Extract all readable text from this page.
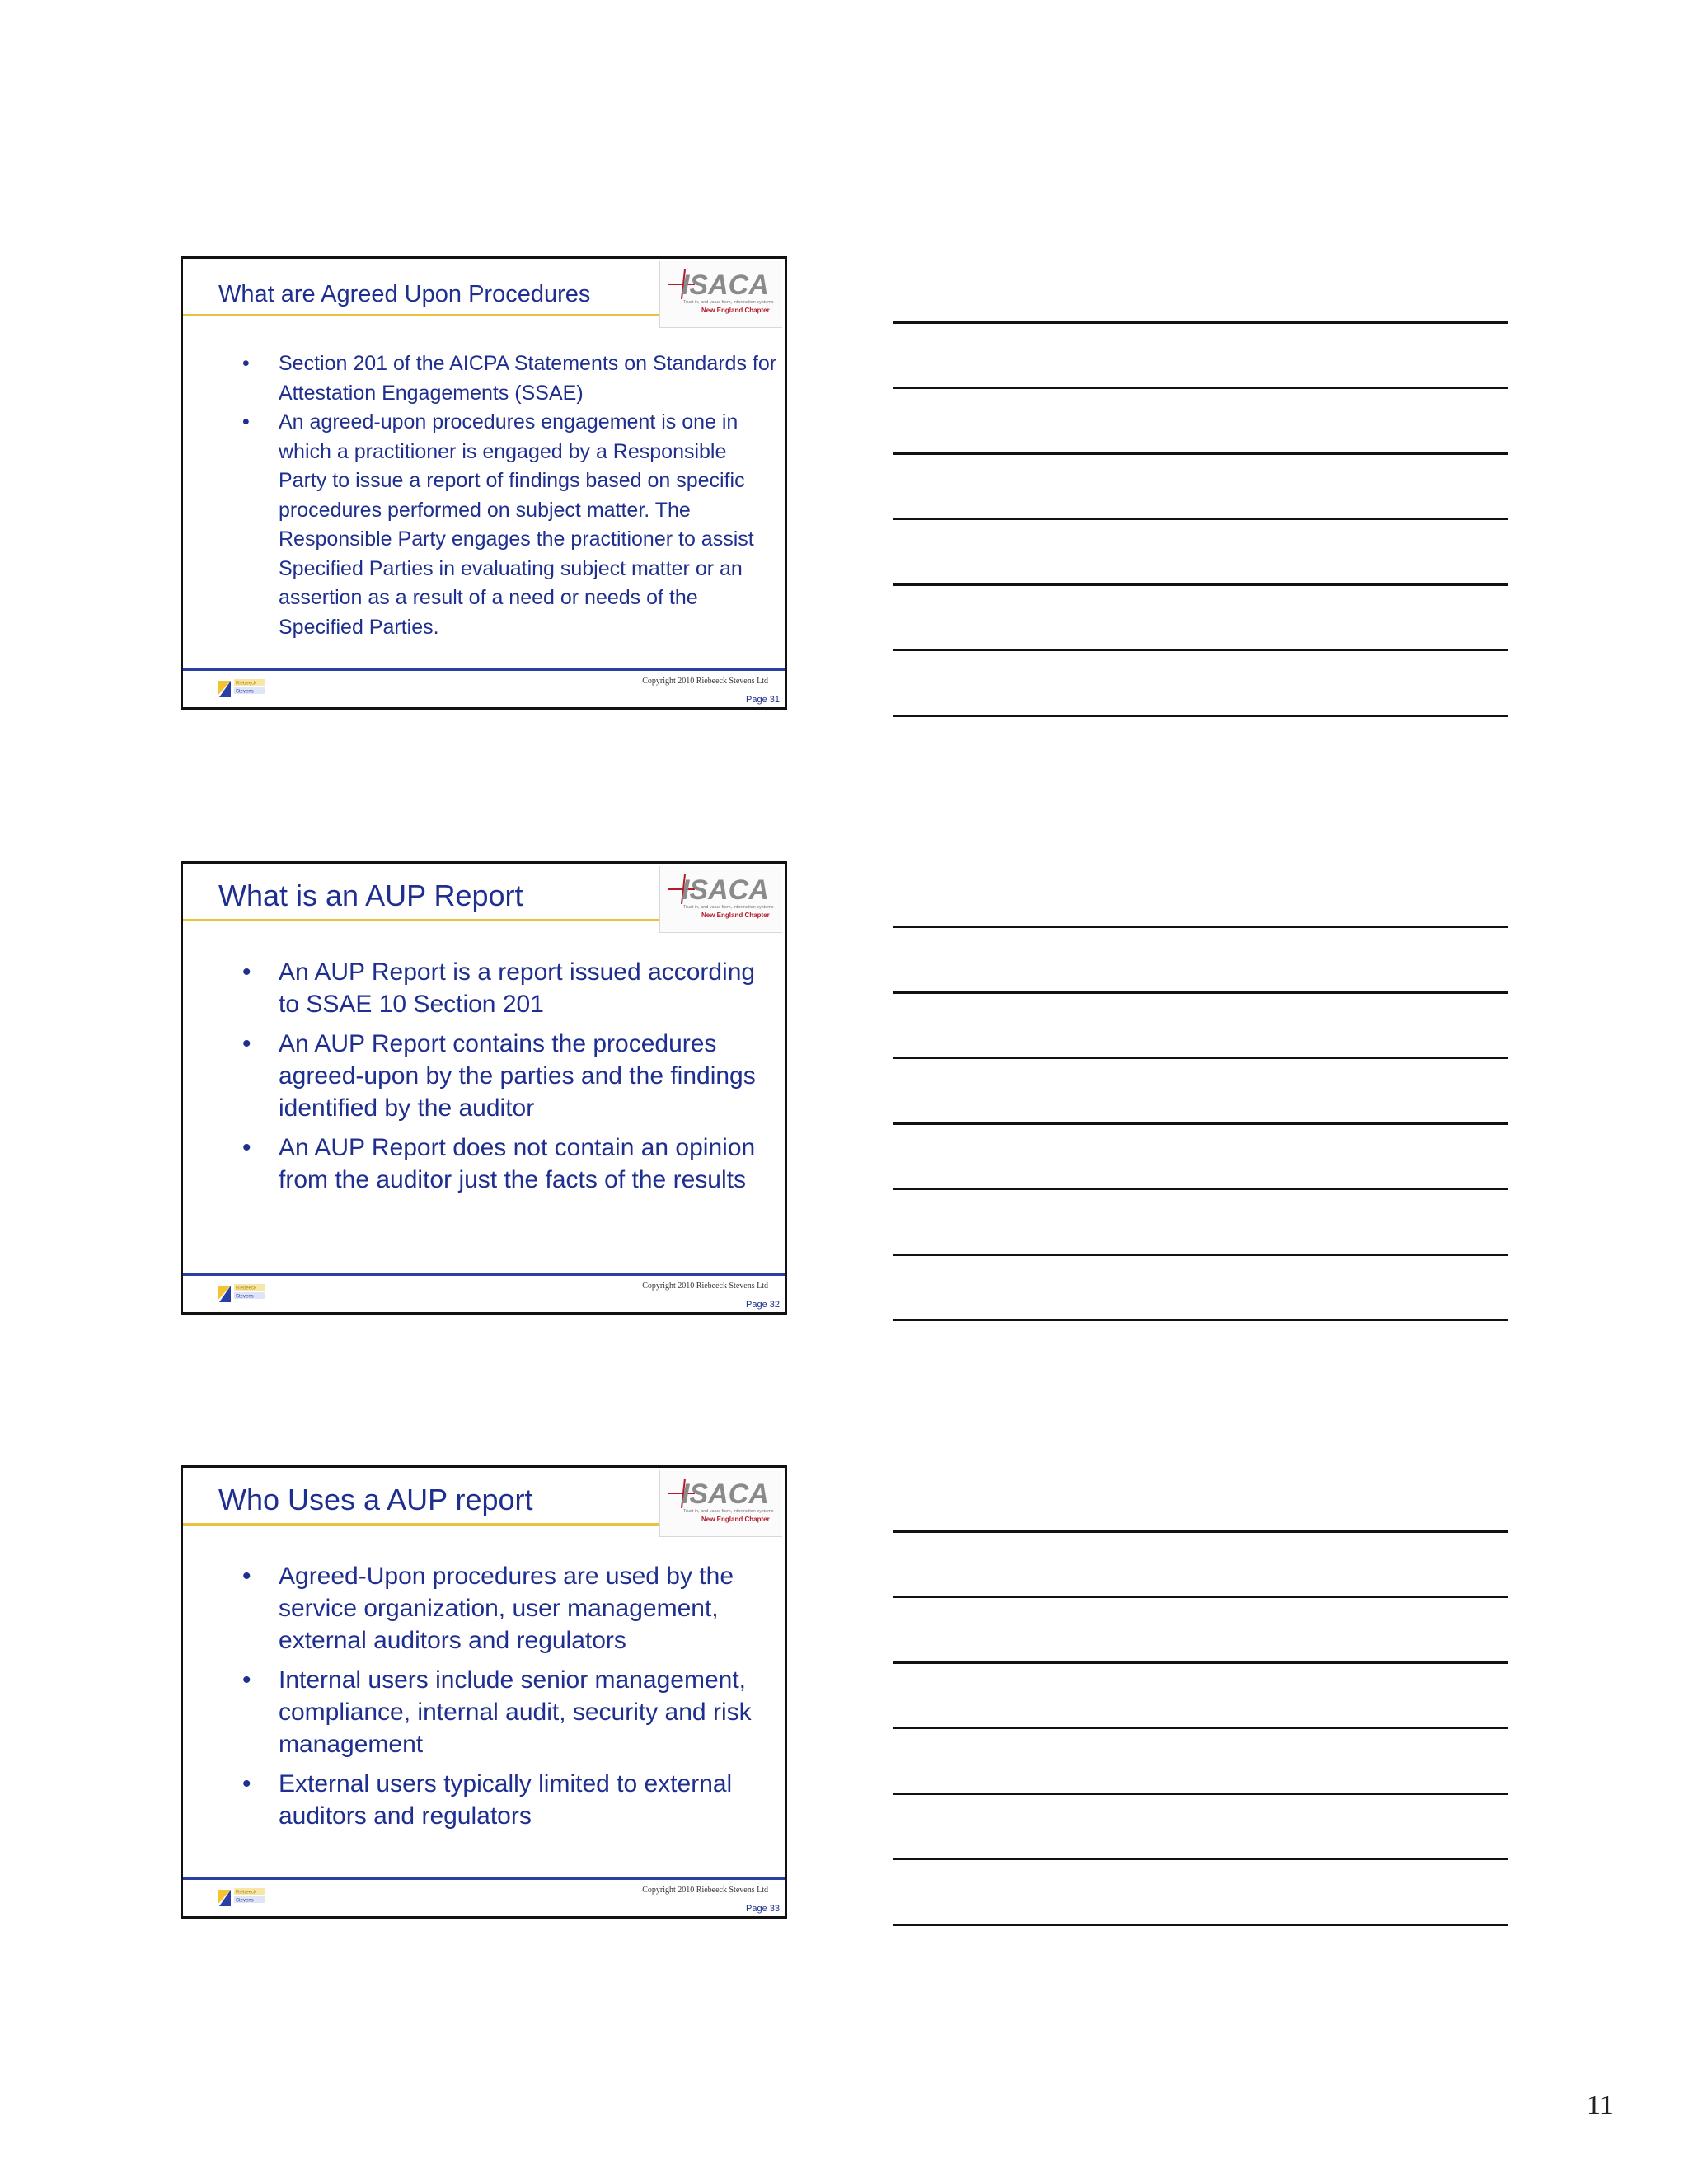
What are Agreed Upon Procedures	ISACA
Trust in, and value from, information systems
New England Chapter
• Section 201 of the AICPA Statements on Standards for Attestation Engagements (SSAE)
• An agreed-upon procedures engagement is one in which a practitioner is engaged by a Responsible Party to issue a report of findings based on specific procedures performed on subject matter. The Responsible Party engages the practitioner to assist Specified Parties in evaluating subject matter or an assertion as a result of a need or needs of the Specified Parties.
Riebeeck
Stevens
Copyright 2010 Riebeeck Stevens Ltd
Page 31
What is an AUP Report	ISACA
Trust in, and value from, information systems
New England Chapter
• An AUP Report is a report issued according to SSAE 10 Section 201
• An AUP Report contains the procedures agreed-upon by the parties and the findings identified by the auditor
• An AUP Report does not contain an opinion from the auditor just the facts of the results
Riebeeck
Stevens
Copyright 2010 Riebeeck Stevens Ltd
Page 32
Who Uses a AUP report	ISACA
Trust in, and value from, information systems
New England Chapter
• Agreed-Upon procedures are used by the service organization, user management, external auditors and regulators
• Internal users include senior management, compliance, internal audit, security and risk management
• External users typically limited to external auditors and regulators
Riebeeck
Stevens
Copyright 2010 Riebeeck Stevens Ltd
Page 33
11
